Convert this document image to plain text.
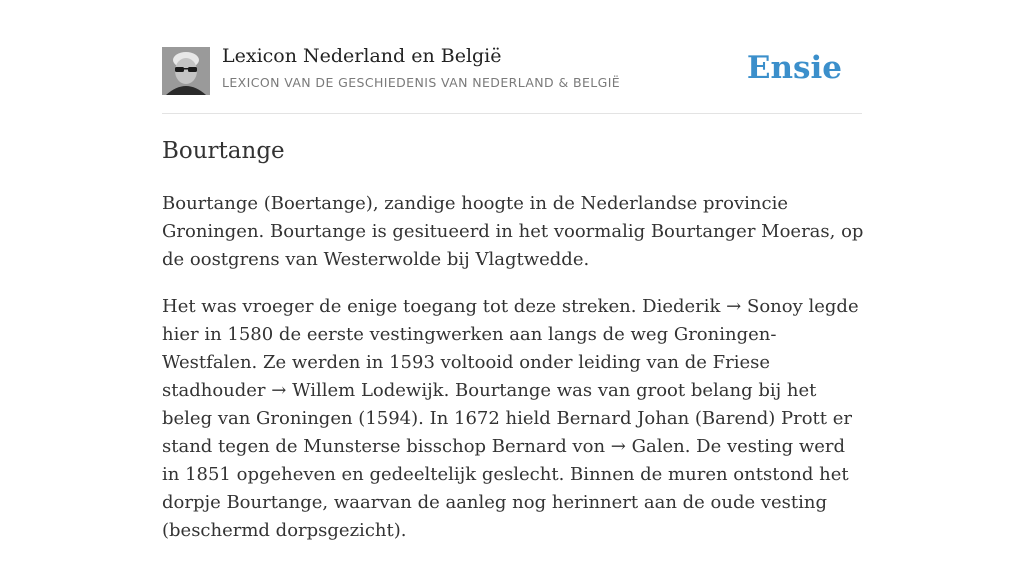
Lexicon Nederland en België
LEXICON VAN DE GESCHIEDENIS VAN NEDERLAND & BELGIË	Ensie
Bourtange

Bourtange (Boertange), zandige hoogte in de Nederlandse provincie Groningen. Bourtange is gesitueerd in het voormalig Bourtanger Moeras, op de oostgrens van Westerwolde bij Vlagtwedde.

Het was vroeger de enige toegang tot deze streken. Diederik → Sonoy legde hier in 1580 de eerste vestingwerken aan langs de weg Groningen-Westfalen. Ze werden in 1593 voltooid onder leiding van de Friese stadhouder → Willem Lodewijk. Bourtange was van groot belang bij het beleg van Groningen (1594). In 1672 hield Bernard Johan (Barend) Prott er stand tegen de Munsterse bisschop Bernard von → Galen. De vesting werd in 1851 opgeheven en gedeeltelijk geslecht. Binnen de muren ontstond het dorpje Bourtange, waarvan de aanleg nog herinnert aan de oude vesting (beschermd dorpsgezicht).
